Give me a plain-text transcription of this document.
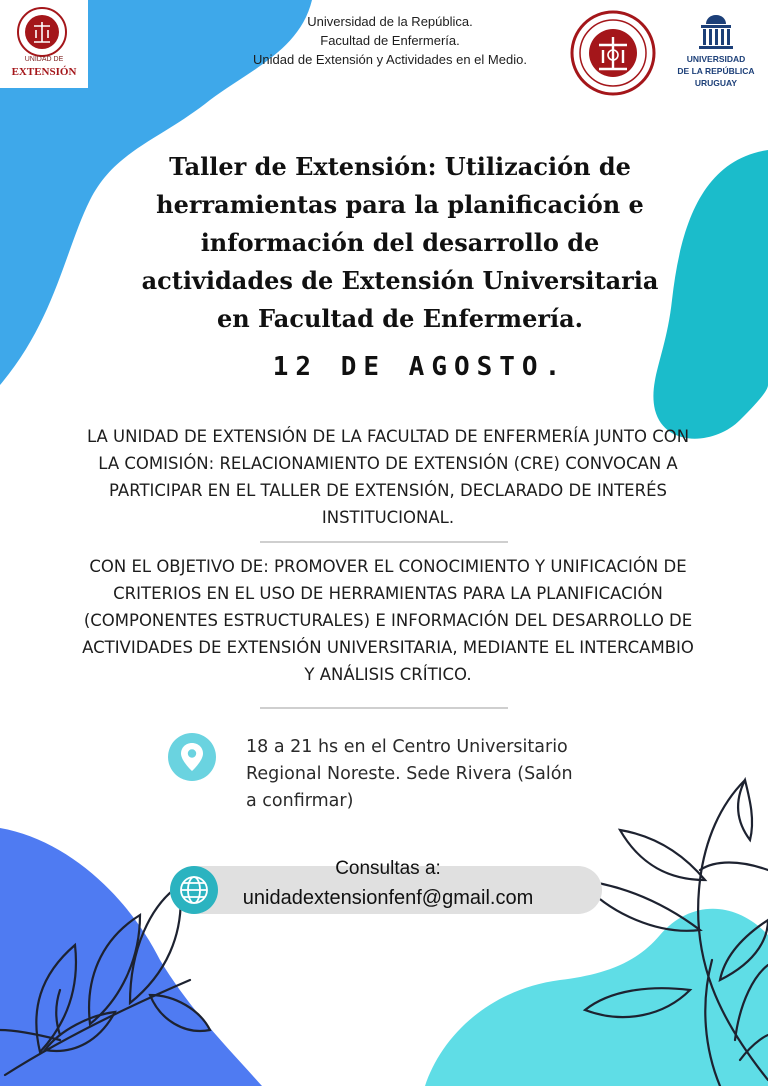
UNIDAD DE
EXTENSIÓN
Universidad de la República.
Facultad de Enfermería.
Unidad de Extensión y Actividades en el Medio.	UNIVERSIDAD
DE LA REPÚBLICA
URUGUAY
Taller de Extensión: Utilización de
herramientas para la planificación e
información del desarrollo de
actividades de Extensión Universitaria
en Facultad de Enfermería.
12 DE AGOSTO.
LA UNIDAD DE EXTENSIÓN DE LA FACULTAD DE ENFERMERÍA JUNTO CON
LA COMISIÓN: RELACIONAMIENTO DE EXTENSIÓN (CRE) CONVOCAN A
PARTICIPAR EN EL TALLER DE EXTENSIÓN, DECLARADO DE INTERÉS
INSTITUCIONAL.
CON EL OBJETIVO DE: PROMOVER EL CONOCIMIENTO Y UNIFICACIÓN DE
CRITERIOS EN EL USO DE HERRAMIENTAS PARA LA PLANIFICACIÓN
(COMPONENTES ESTRUCTURALES) E INFORMACIÓN DEL DESARROLLO DE
ACTIVIDADES DE EXTENSIÓN UNIVERSITARIA, MEDIANTE EL INTERCAMBIO
Y ANÁLISIS CRÍTICO.
18 a 21 hs en el Centro Universitario
Regional Noreste. Sede Rivera (Salón
a confirmar)
Consultas a:
unidadextensionfenf@gmail.com
